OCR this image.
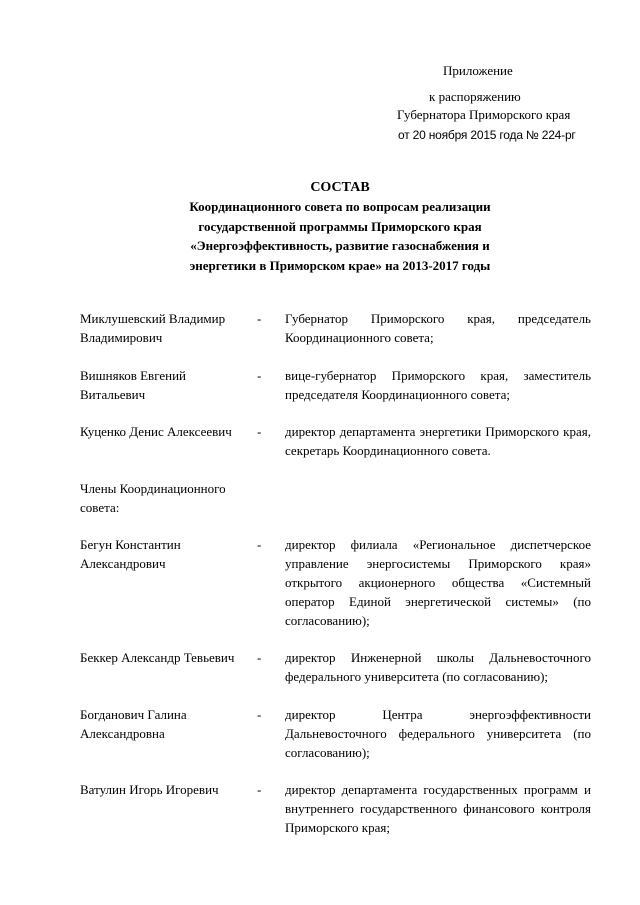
Приложение
к распоряжению
Губернатора Приморского края
от 20 ноября 2015 года № 224-рг
СОСТАВ
Координационного совета по вопросам реализации
государственной программы Приморского края
«Энергоэффективность, развитие газоснабжения и
энергетики в Приморском крае» на 2013-2017 годы
Миклушевский Владимир Владимирович
- Губернатор Приморского края, председатель Координационного совета;
Вишняков Евгений Витальевич
- вице-губернатор Приморского края, заместитель председателя Координационного совета;
Куценко Денис Алексеевич	- директор департамента энергетики Приморского края, секретарь Координационного совета.
Члены Координационного совета:
Бегун Константин Александрович
- директор филиала «Региональное диспетчерское управление энергосистемы Приморского края» открытого акционерного общества «Системный оператор Единой энергетической системы» (по согласованию);
Беккер Александр Тевьевич	- директор Инженерной школы Дальневосточного федерального университета (по согласованию);
Богданович Галина Александровна
- директор Центра энергоэффективности Дальневосточного федерального университета (по согласованию);
Ватулин Игорь Игоревич	- директор департамента государственных программ и внутреннего государственного финансового контроля Приморского края;
